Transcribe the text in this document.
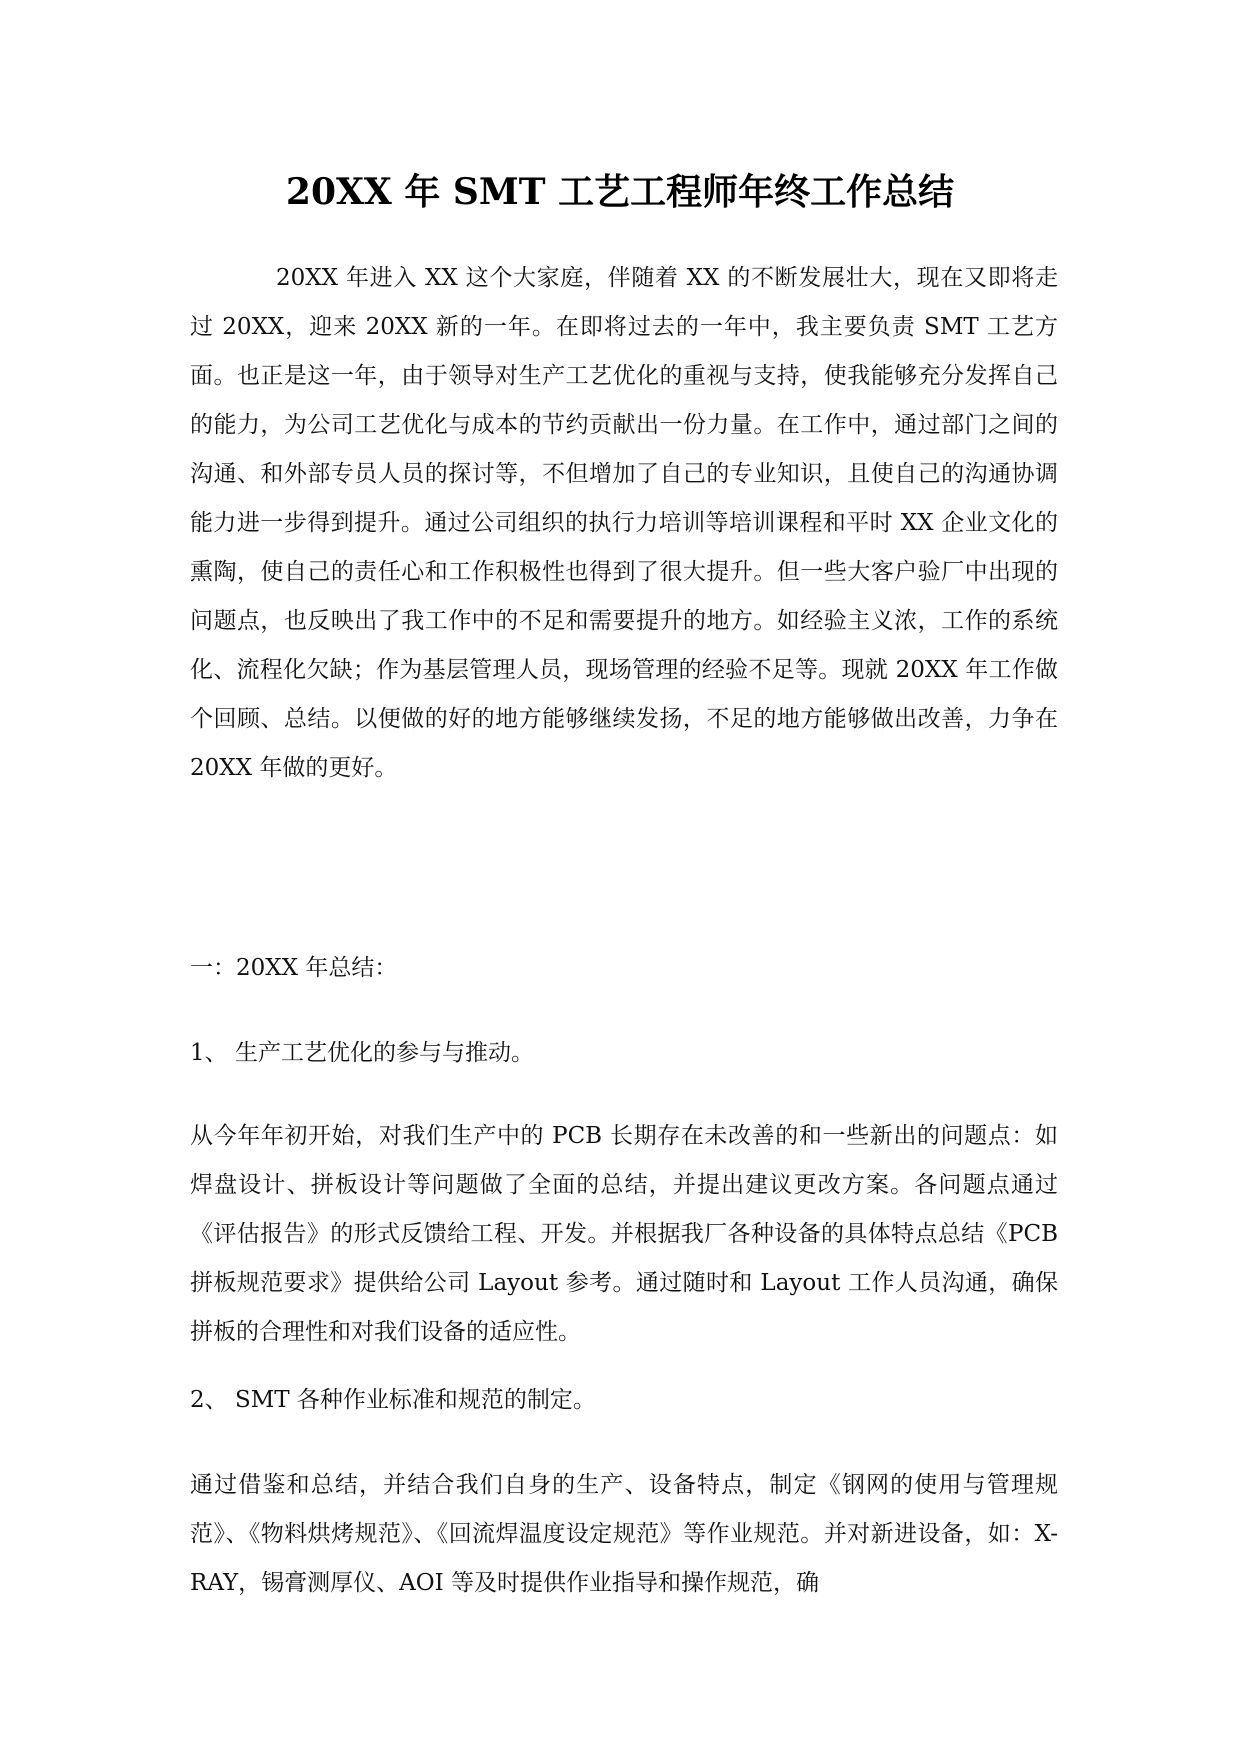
20XX 年 SMT 工艺工程师年终工作总结

20XX 年进入 XX 这个大家庭，伴随着 XX 的不断发展壮大，现在又即将走过 20XX，迎来 20XX 新的一年。在即将过去的一年中，我主要负责 SMT 工艺方面。也正是这一年，由于领导对生产工艺优化的重视与支持，使我能够充分发挥自己的能力，为公司工艺优化与成本的节约贡献出一份力量。在工作中，通过部门之间的沟通、和外部专员人员的探讨等，不但增加了自己的专业知识，且使自己的沟通协调能力进一步得到提升。通过公司组织的执行力培训等培训课程和平时 XX 企业文化的熏陶，使自己的责任心和工作积极性也得到了很大提升。但一些大客户验厂中出现的问题点，也反映出了我工作中的不足和需要提升的地方。如经验主义浓，工作的系统化、流程化欠缺；作为基层管理人员，现场管理的经验不足等。现就 20XX 年工作做个回顾、总结。以便做的好的地方能够继续发扬，不足的地方能够做出改善，力争在 20XX 年做的更好。

一：20XX 年总结：

1、 生产工艺优化的参与与推动。

从今年年初开始，对我们生产中的 PCB 长期存在未改善的和一些新出的问题点：如焊盘设计、拼板设计等问题做了全面的总结，并提出建议更改方案。各问题点通过《评估报告》的形式反馈给工程、开发。并根据我厂各种设备的具体特点总结《PCB 拼板规范要求》提供给公司 Layout 参考。通过随时和 Layout 工作人员沟通，确保拼板的合理性和对我们设备的适应性。

2、 SMT 各种作业标准和规范的制定。

通过借鉴和总结，并结合我们自身的生产、设备特点，制定《钢网的使用与管理规范》、《物料烘烤规范》、《回流焊温度设定规范》等作业规范。并对新进设备，如：X-RAY，锡膏测厚仪、AOI 等及时提供作业指导和操作规范，确
